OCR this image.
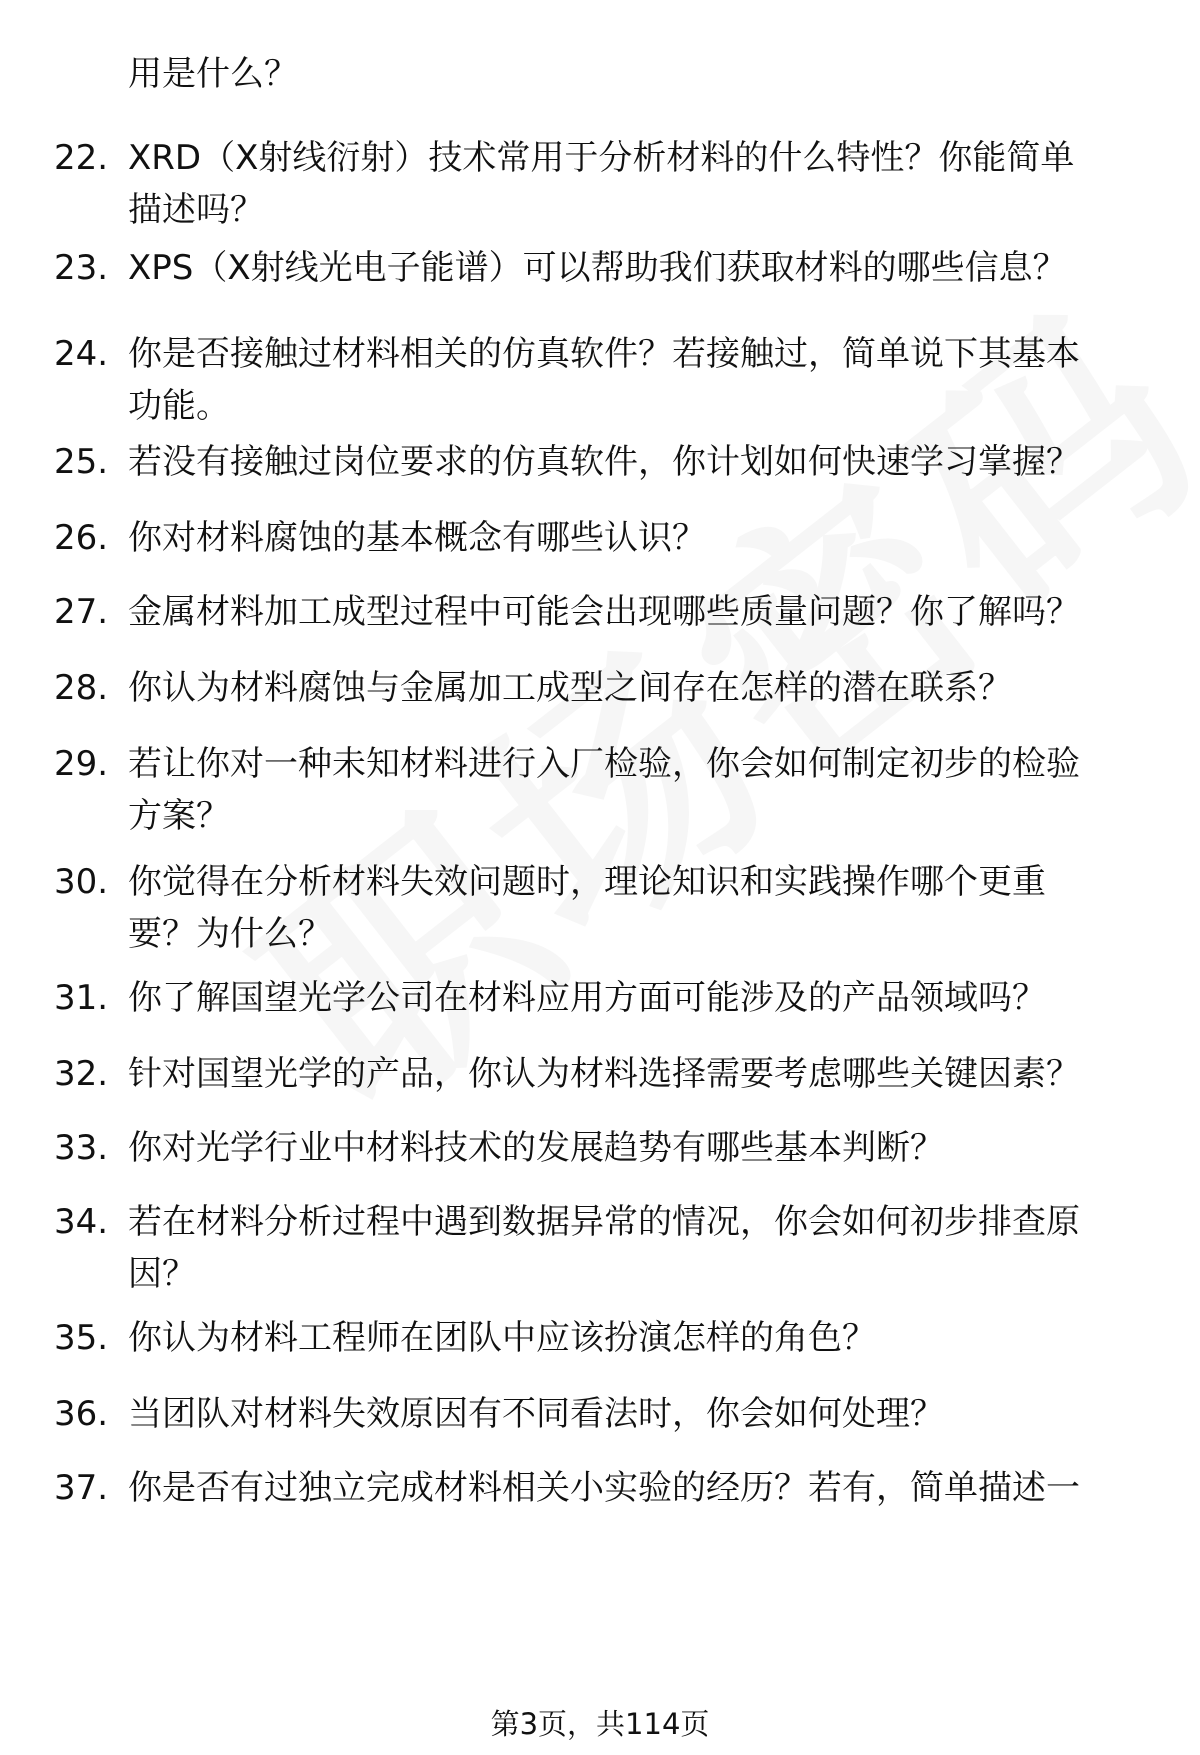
用是什么？
22. XRD（X射线衍射）技术常用于分析材料的什么特性？你能简单
描述吗？
23. XPS（X射线光电子能谱）可以帮助我们获取材料的哪些信息？
24. 你是否接触过材料相关的仿真软件？若接触过，简单说下其基本
功能。
25. 若没有接触过岗位要求的仿真软件，你计划如何快速学习掌握？
26. 你对材料腐蚀的基本概念有哪些认识？
27. 金属材料加工成型过程中可能会出现哪些质量问题？你了解吗？
28. 你认为材料腐蚀与金属加工成型之间存在怎样的潜在联系？
29. 若让你对一种未知材料进行入厂检验，你会如何制定初步的检验
方案？
30. 你觉得在分析材料失效问题时，理论知识和实践操作哪个更重
要？为什么？
31. 你了解国望光学公司在材料应用方面可能涉及的产品领域吗？
32. 针对国望光学的产品，你认为材料选择需要考虑哪些关键因素？
33. 你对光学行业中材料技术的发展趋势有哪些基本判断？
34. 若在材料分析过程中遇到数据异常的情况，你会如何初步排查原
因？
35. 你认为材料工程师在团队中应该扮演怎样的角色？
36. 当团队对材料失效原因有不同看法时，你会如何处理？
37. 你是否有过独立完成材料相关小实验的经历？若有，简单描述一
第3页，共114页
